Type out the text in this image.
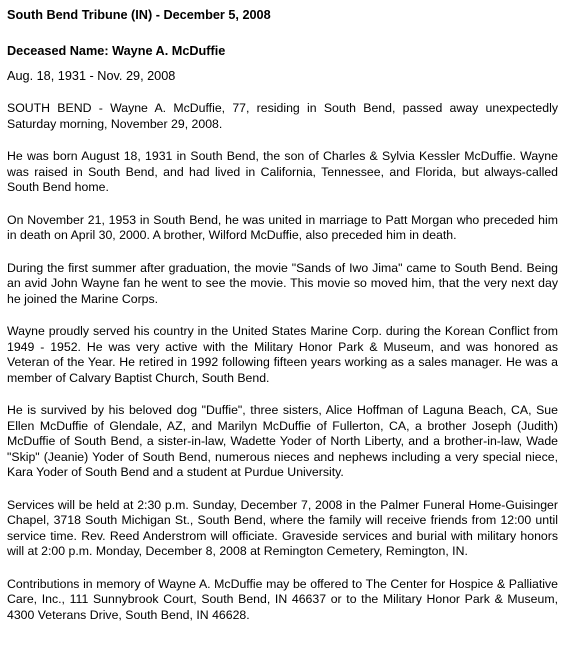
South Bend Tribune (IN) - December 5, 2008

Deceased Name: Wayne A. McDuffie

Aug. 18, 1931 - Nov. 29, 2008

SOUTH BEND - Wayne A. McDuffie, 77, residing in South Bend, passed away unexpectedly Saturday morning, November 29, 2008.

He was born August 18, 1931 in South Bend, the son of Charles & Sylvia Kessler McDuffie. Wayne was raised in South Bend, and had lived in California, Tennessee, and Florida, but always-called South Bend home.

On November 21, 1953 in South Bend, he was united in marriage to Patt Morgan who preceded him in death on April 30, 2000. A brother, Wilford McDuffie, also preceded him in death.

During the first summer after graduation, the movie "Sands of Iwo Jima" came to South Bend. Being an avid John Wayne fan he went to see the movie. This movie so moved him, that the very next day he joined the Marine Corps.

Wayne proudly served his country in the United States Marine Corp. during the Korean Conflict from 1949 - 1952. He was very active with the Military Honor Park & Museum, and was honored as Veteran of the Year. He retired in 1992 following fifteen years working as a sales manager. He was a member of Calvary Baptist Church, South Bend.

He is survived by his beloved dog "Duffie", three sisters, Alice Hoffman of Laguna Beach, CA, Sue Ellen McDuffie of Glendale, AZ, and Marilyn McDuffie of Fullerton, CA, a brother Joseph (Judith) McDuffie of South Bend, a sister-in-law, Wadette Yoder of North Liberty, and a brother-in-law, Wade "Skip" (Jeanie) Yoder of South Bend, numerous nieces and nephews including a very special niece, Kara Yoder of South Bend and a student at Purdue University.

Services will be held at 2:30 p.m. Sunday, December 7, 2008 in the Palmer Funeral Home-Guisinger Chapel, 3718 South Michigan St., South Bend, where the family will receive friends from 12:00 until service time. Rev. Reed Anderstrom will officiate. Graveside services and burial with military honors will at 2:00 p.m. Monday, December 8, 2008 at Remington Cemetery, Remington, IN.

Contributions in memory of Wayne A. McDuffie may be offered to The Center for Hospice & Palliative Care, Inc., 111 Sunnybrook Court, South Bend, IN 46637 or to the Military Honor Park & Museum, 4300 Veterans Drive, South Bend, IN 46628.
